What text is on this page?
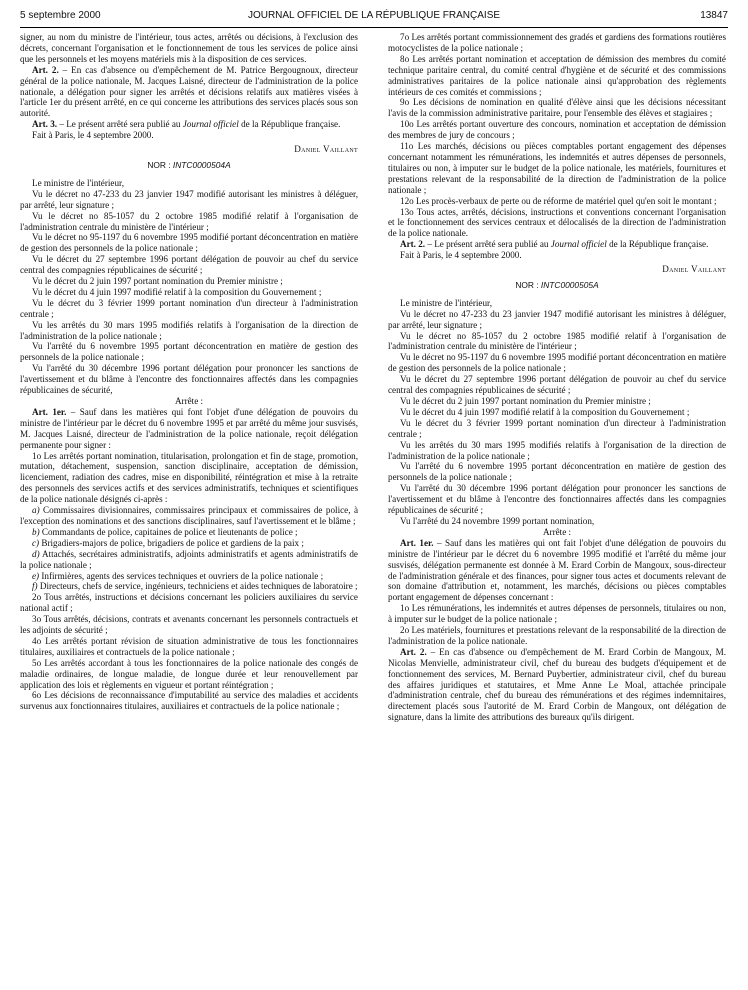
5 septembre 2000	JOURNAL OFFICIEL DE LA RÉPUBLIQUE FRANÇAISE	13847

signer, au nom du ministre de l'intérieur, tous actes, arrêtés ou décisions, à l'exclusion des décrets, concernant l'organisation et le fonctionnement de tous les services de police ainsi que les personnels et les moyens matériels mis à la disposition de ces services.

Art. 2. – En cas d'absence ou d'empêchement de M. Patrice Bergougnoux, directeur général de la police nationale, M. Jacques Laisné, directeur de l'administration de la police nationale, a délégation pour signer les arrêtés et décisions relatifs aux matières visées à l'article 1er du présent arrêté, en ce qui concerne les attributions des services placés sous son autorité.

Art. 3. – Le présent arrêté sera publié au Journal officiel de la République française.

Fait à Paris, le 4 septembre 2000.

Daniel Vaillant
NOR : INTC0000504A

Le ministre de l'intérieur,

Vu le décret no 47-233 du 23 janvier 1947 modifié autorisant les ministres à déléguer, par arrêté, leur signature ;

Vu le décret no 85-1057 du 2 octobre 1985 modifié relatif à l'organisation de l'administration centrale du ministère de l'intérieur ;

Vu le décret no 95-1197 du 6 novembre 1995 modifié portant déconcentration en matière de gestion des personnels de la police nationale ;

Vu le décret du 27 septembre 1996 portant délégation de pouvoir au chef du service central des compagnies républicaines de sécurité ;

Vu le décret du 2 juin 1997 portant nomination du Premier ministre ;

Vu le décret du 4 juin 1997 modifié relatif à la composition du Gouvernement ;

Vu le décret du 3 février 1999 portant nomination d'un directeur à l'administration centrale ;

Vu les arrêtés du 30 mars 1995 modifiés relatifs à l'organisation de la direction de l'administration de la police nationale ;

Vu l'arrêté du 6 novembre 1995 portant déconcentration en matière de gestion des personnels de la police nationale ;

Vu l'arrêté du 30 décembre 1996 portant délégation pour prononcer les sanctions de l'avertissement et du blâme à l'encontre des fonctionnaires affectés dans les compagnies républicaines de sécurité,

Arrête :

Art. 1er. – Sauf dans les matières qui font l'objet d'une délégation de pouvoirs du ministre de l'intérieur par le décret du 6 novembre 1995 et par arrêté du même jour susvisés, M. Jacques Laisné, directeur de l'administration de la police nationale, reçoit délégation permanente pour signer :

1o Les arrêtés portant nomination, titularisation, prolongation et fin de stage, promotion, mutation, détachement, suspension, sanction disciplinaire, acceptation de démission, licenciement, radiation des cadres, mise en disponibilité, réintégration et mise à la retraite des personnels des services actifs et des services administratifs, techniques et scientifiques de la police nationale désignés ci-après :

a) Commissaires divisionnaires, commissaires principaux et commissaires de police, à l'exception des nominations et des sanctions disciplinaires, sauf l'avertissement et le blâme ;

b) Commandants de police, capitaines de police et lieutenants de police ;

c) Brigadiers-majors de police, brigadiers de police et gardiens de la paix ;

d) Attachés, secrétaires administratifs, adjoints administratifs et agents administratifs de la police nationale ;

e) Infirmières, agents des services techniques et ouvriers de la police nationale ;

f) Directeurs, chefs de service, ingénieurs, techniciens et aides techniques de laboratoire ;

2o Tous arrêtés, instructions et décisions concernant les policiers auxiliaires du service national actif ;

3o Tous arrêtés, décisions, contrats et avenants concernant les personnels contractuels et les adjoints de sécurité ;

4o Les arrêtés portant révision de situation administrative de tous les fonctionnaires titulaires, auxiliaires et contractuels de la police nationale ;

5o Les arrêtés accordant à tous les fonctionnaires de la police nationale des congés de maladie ordinaires, de longue maladie, de longue durée et leur renouvellement par application des lois et règlements en vigueur et portant réintégration ;

6o Les décisions de reconnaissance d'imputabilité au service des maladies et accidents survenus aux fonctionnaires titulaires, auxiliaires et contractuels de la police nationale ;

7o Les arrêtés portant commissionnement des gradés et gardiens des formations routières motocyclistes de la police nationale ;

8o Les arrêtés portant nomination et acceptation de démission des membres du comité technique paritaire central, du comité central d'hygiène et de sécurité et des commissions administratives paritaires de la police nationale ainsi qu'approbation des règlements intérieurs de ces comités et commissions ;

9o Les décisions de nomination en qualité d'élève ainsi que les décisions nécessitant l'avis de la commission administrative paritaire, pour l'ensemble des élèves et stagiaires ;

10o Les arrêtés portant ouverture des concours, nomination et acceptation de démission des membres de jury de concours ;

11o Les marchés, décisions ou pièces comptables portant engagement des dépenses concernant notamment les rémunérations, les indemnités et autres dépenses de personnels, titulaires ou non, à imputer sur le budget de la police nationale, les matériels, fournitures et prestations relevant de la responsabilité de la direction de l'administration de la police nationale ;

12o Les procès-verbaux de perte ou de réforme de matériel quel qu'en soit le montant ;

13o Tous actes, arrêtés, décisions, instructions et conventions concernant l'organisation et le fonctionnement des services centraux et délocalisés de la direction de l'administration de la police nationale.

Art. 2. – Le présent arrêté sera publié au Journal officiel de la République française.

Fait à Paris, le 4 septembre 2000.

Daniel Vaillant
NOR : INTC0000505A

Le ministre de l'intérieur,

Vu le décret no 47-233 du 23 janvier 1947 modifié autorisant les ministres à déléguer, par arrêté, leur signature ;

Vu le décret no 85-1057 du 2 octobre 1985 modifié relatif à l'organisation de l'administration centrale du ministère de l'intérieur ;

Vu le décret no 95-1197 du 6 novembre 1995 modifié portant déconcentration en matière de gestion des personnels de la police nationale ;

Vu le décret du 27 septembre 1996 portant délégation de pouvoir au chef du service central des compagnies républicaines de sécurité ;

Vu le décret du 2 juin 1997 portant nomination du Premier ministre ;

Vu le décret du 4 juin 1997 modifié relatif à la composition du Gouvernement ;

Vu le décret du 3 février 1999 portant nomination d'un directeur à l'administration centrale ;

Vu les arrêtés du 30 mars 1995 modifiés relatifs à l'organisation de la direction de l'administration de la police nationale ;

Vu l'arrêté du 6 novembre 1995 portant déconcentration en matière de gestion des personnels de la police nationale ;

Vu l'arrêté du 30 décembre 1996 portant délégation pour prononcer les sanctions de l'avertissement et du blâme à l'encontre des fonctionnaires affectés dans les compagnies républicaines de sécurité ;

Vu l'arrêté du 24 novembre 1999 portant nomination,

Arrête :

Art. 1er. – Sauf dans les matières qui ont fait l'objet d'une délégation de pouvoirs du ministre de l'intérieur par le décret du 6 novembre 1995 modifié et l'arrêté du même jour susvisés, délégation permanente est donnée à M. Erard Corbin de Mangoux, sous-directeur de l'administration générale et des finances, pour signer tous actes et documents relevant de son domaine d'attribution et, notamment, les marchés, décisions ou pièces comptables portant engagement de dépenses concernant :

1o Les rémunérations, les indemnités et autres dépenses de personnels, titulaires ou non, à imputer sur le budget de la police nationale ;

2o Les matériels, fournitures et prestations relevant de la responsabilité de la direction de l'administration de la police nationale.

Art. 2. – En cas d'absence ou d'empêchement de M. Erard Corbin de Mangoux, M. Nicolas Menvielle, administrateur civil, chef du bureau des budgets d'équipement et de fonctionnement des services, M. Bernard Puybertier, administrateur civil, chef du bureau des affaires juridiques et statutaires, et Mme Anne Le Moal, attachée principale d'administration centrale, chef du bureau des rémunérations et des régimes indemnitaires, directement placés sous l'autorité de M. Erard Corbin de Mangoux, ont délégation de signature, dans la limite des attributions des bureaux qu'ils dirigent.
